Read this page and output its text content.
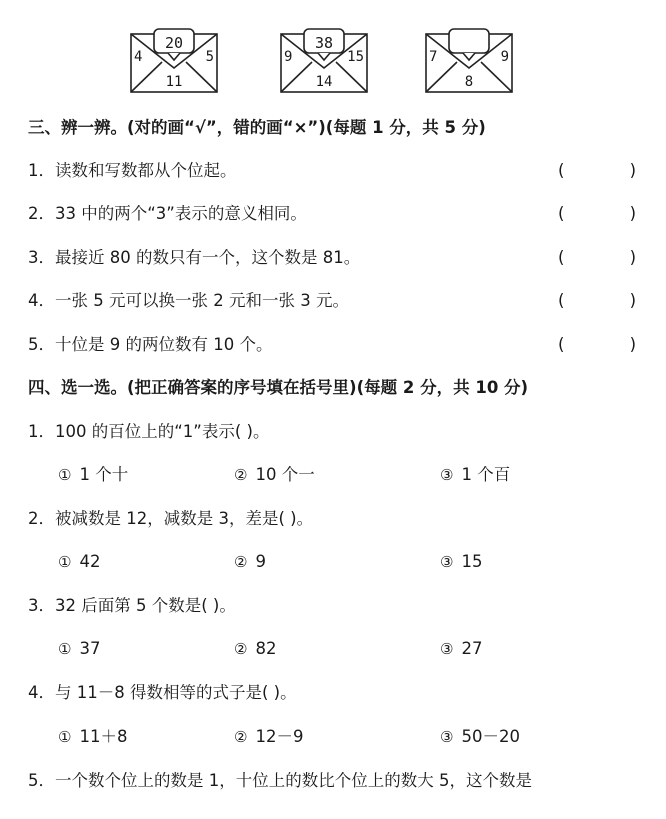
20
4	5
11
38
9	15
14
7	9
8
三、辨一辨。(对的画“√”，错的画“×”)(每题 1 分，共 5 分)
1．读数和写数都从个位起。	( )
2．33 中的两个“3”表示的意义相同。	( )
3．最接近 80 的数只有一个，这个数是 81。	( )
4．一张 5 元可以换一张 2 元和一张 3 元。	( )
5．十位是 9 的两位数有 10 个。	( )
四、选一选。(把正确答案的序号填在括号里)(每题 2 分，共 10 分)
1．100 的百位上的“1”表示( )。
① 1 个十	② 10 个一	③ 1 个百
2．被减数是 12，减数是 3，差是( )。
① 42	② 9	③ 15
3．32 后面第 5 个数是( )。
① 37	② 82	③ 27
4．与 11－8 得数相等的式子是( )。
① 11＋8	② 12－9	③ 50－20
5．一个数个位上的数是 1，十位上的数比个位上的数大 5，这个数是
